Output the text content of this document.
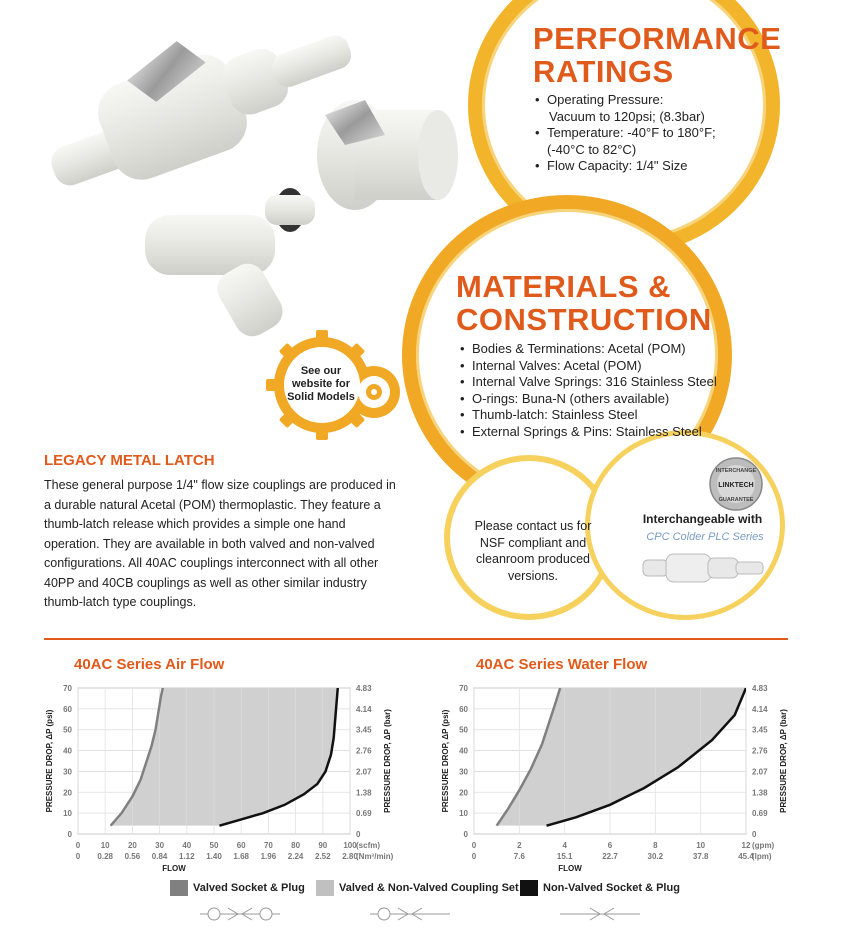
PERFORMANCE
RATINGS
• Operating Pressure:
Vacuum to 120psi; (8.3bar)
• Temperature: -40°F to 180°F;
(-40°C to 82°C)
• Flow Capacity: 1/4" Size
MATERIALS &
CONSTRUCTION
• Bodies & Terminations: Acetal (POM)
• Internal Valves: Acetal (POM)
• Internal Valve Springs: 316 Stainless Steel
• O-rings: Buna-N (others available)
• Thumb-latch: Stainless Steel
• External Springs & Pins: Stainless Steel
See our website for Solid Models
LEGACY METAL LATCH
These general purpose 1/4" flow size couplings are produced in a durable natural Acetal (POM) thermoplastic. They feature a thumb-latch release which provides a simple one hand operation. They are available in both valved and non-valved configurations. All 40AC couplings interconnect with all other 40PP and 40CB couplings as well as other similar industry thumb-latch type couplings.
Please contact us for NSF compliant and cleanroom produced versions.
INTERCHANGE
LINKTECH
GUARANTEE
Interchangeable with
CPC Colder PLC Series
40AC Series Air Flow
0
10
20
30
40
50
60
70
0
0.69
1.38
2.07
2.76
3.45
4.14
4.83
0	10 20 30 40 50 60 70 80 90 100
0 0.28 0.56 0.84 1.12 1.40 1.68 1.96 2.24 2.52 2.80
(scfm)
(Nm³/min)
FLOW
PRESSURE DROP, ΔP (psi)	PRESSURE DROP, ΔP (bar)
40AC Series Water Flow
0
10
20
30
40
50
60
70
0
0.69
1.38
2.07
2.76
3.45
4.14
4.83
0	2	4	6	8	10	12
0	7.6	15.1	22.7	30.2	37.8	45.4
(gpm)
(lpm)
FLOW
PRESSURE DROP, ΔP (psi)	PRESSURE DROP, ΔP (bar)
Valved Socket & Plug	Valved & Non-Valved Coupling Set Non-Valved Socket & Plug
